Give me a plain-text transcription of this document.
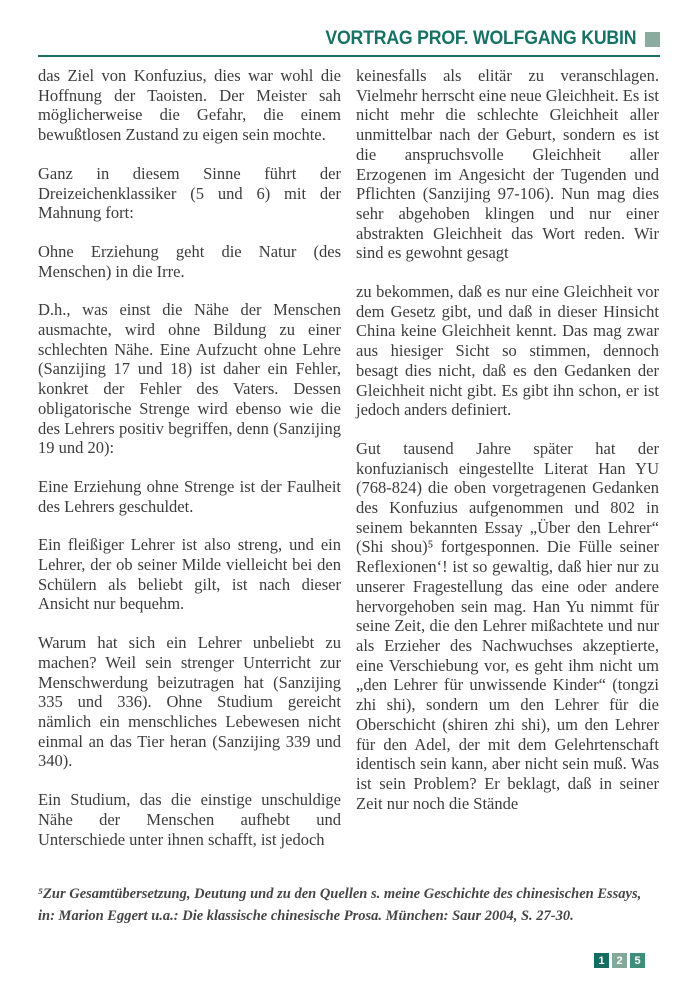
VORTRAG PROF. WOLFGANG KUBIN

das Ziel von Konfuzius, dies war wohl die Hoffnung der Taoisten. Der Meister sah möglicherweise die Gefahr, die einem bewußtlosen Zustand zu eigen sein mochte.

Ganz in diesem Sinne führt der Dreizeichenklassiker (5 und 6) mit der Mahnung fort:

Ohne Erziehung geht die Natur (des Menschen) in die Irre.

D.h., was einst die Nähe der Menschen ausmachte, wird ohne Bildung zu einer schlechten Nähe. Eine Aufzucht ohne Lehre (Sanzijing 17 und 18) ist daher ein Fehler, konkret der Fehler des Vaters. Dessen obligatorische Strenge wird ebenso wie die des Lehrers positiv begriffen, denn (Sanzijing 19 und 20):

Eine Erziehung ohne Strenge ist der Faulheit des Lehrers geschuldet.

Ein fleißiger Lehrer ist also streng, und ein Lehrer, der ob seiner Milde vielleicht bei den Schülern als beliebt gilt, ist nach dieser Ansicht nur bequehm.

Warum hat sich ein Lehrer unbeliebt zu machen? Weil sein strenger Unterricht zur Menschwerdung beizutragen hat (Sanzijing 335 und 336). Ohne Studium gereicht nämlich ein menschliches Lebewesen nicht einmal an das Tier heran (Sanzijing 339 und 340).

Ein Studium, das die einstige unschuldige Nähe der Menschen aufhebt und Unterschiede unter ihnen schafft, ist jedoch

keinesfalls als elitär zu veranschlagen. Vielmehr herrscht eine neue Gleichheit. Es ist nicht mehr die schlechte Gleichheit aller unmittelbar nach der Geburt, sondern es ist die anspruchsvolle Gleichheit aller Erzogenen im Angesicht der Tugenden und Pflichten (Sanzijing 97-106). Nun mag dies sehr abgehoben klingen und nur einer abstrakten Gleichheit das Wort reden. Wir sind es gewohnt gesagt

zu bekommen, daß es nur eine Gleichheit vor dem Gesetz gibt, und daß in dieser Hinsicht China keine Gleichheit kennt. Das mag zwar aus hiesiger Sicht so stimmen, dennoch besagt dies nicht, daß es den Gedanken der Gleichheit nicht gibt. Es gibt ihn schon, er ist jedoch anders definiert.

Gut tausend Jahre später hat der konfuzianisch eingestellte Literat Han YU (768-824) die oben vorgetragenen Gedanken des Konfuzius aufgenommen und 802 in seinem bekannten Essay „Über den Lehrer“ (Shi shou)⁵ fortgesponnen. Die Fülle seiner Reflexionen‘! ist so gewaltig, daß hier nur zu unserer Fragestellung das eine oder andere hervorgehoben sein mag. Han Yu nimmt für seine Zeit, die den Lehrer mißachtete und nur als Erzieher des Nachwuchses akzeptierte, eine Verschiebung vor, es geht ihm nicht um „den Lehrer für unwissende Kinder“ (tongzi zhi shi), sondern um den Lehrer für die Oberschicht (shiren zhi shi), um den Lehrer für den Adel, der mit dem Gelehrtenschaft identisch sein kann, aber nicht sein muß. Was ist sein Problem? Er beklagt, daß in seiner Zeit nur noch die Stände

⁵Zur Gesamtübersetzung, Deutung und zu den Quellen s. meine Geschichte des chinesischen Essays, in: Marion Eggert u.a.: Die klassische chinesische Prosa. München: Saur 2004, S. 27-30.

1	2	5
